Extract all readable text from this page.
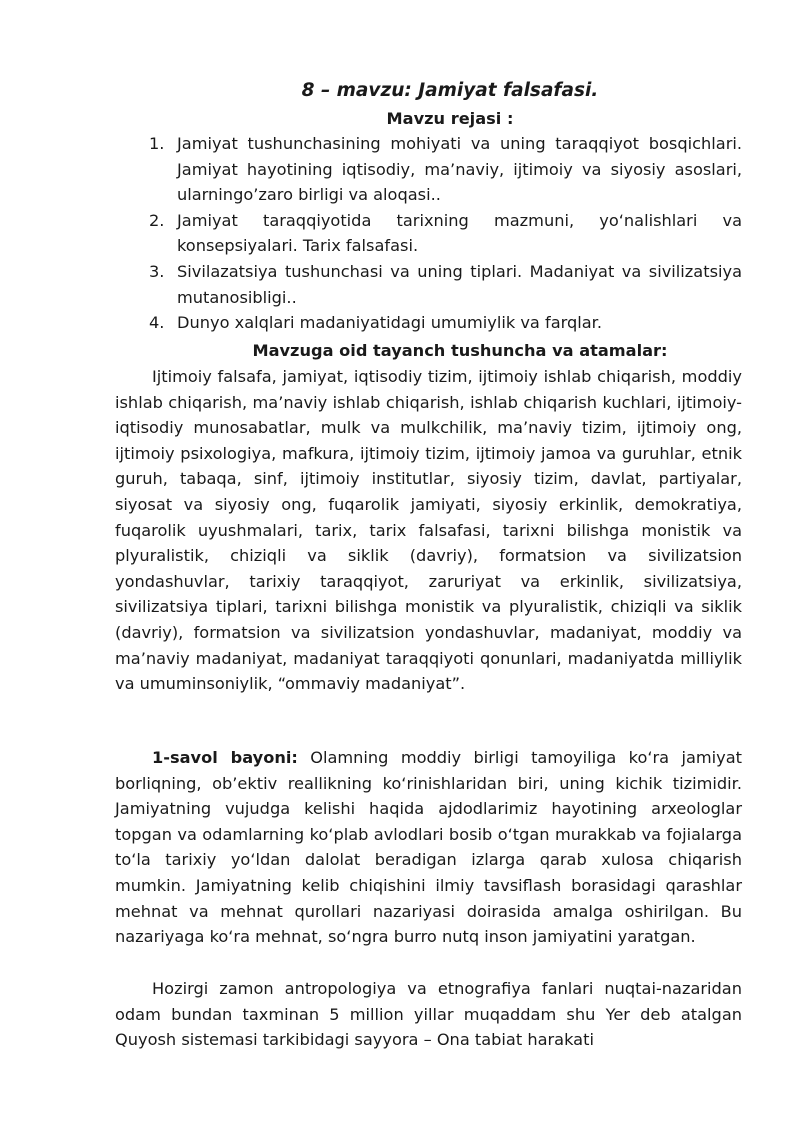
8 – mavzu: Jamiyat falsafasi.
Mavzu rejasi :
1. Jamiyat tushunchasining mohiyati va uning taraqqiyot bosqichlari. Jamiyat hayotining iqtisodiy, ma’naviy, ijtimoiy va siyosiy asoslari, ularningo’zaro birligi va aloqasi..
2. Jamiyat taraqqiyotida tarixning mazmuni, yo‘nalishlari va konsepsiyalari. Tarix falsafasi.
3. Sivilazatsiya tushunchasi va uning tiplari. Madaniyat va sivilizatsiya mutanosibligi..
4. Dunyo xalqlari madaniyatidagi umumiylik va farqlar.
Mavzuga oid tayanch tushuncha va atamalar:

Ijtimoiy falsafa, jamiyat, iqtisodiy tizim, ijtimoiy ishlab chiqarish, moddiy ishlab chiqarish, ma’naviy ishlab chiqarish, ishlab chiqarish kuchlari, ijtimoiy-iqtisodiy munosabatlar, mulk va mulkchilik, ma’naviy tizim, ijtimoiy ong, ijtimoiy psixologiya, mafkura, ijtimoiy tizim, ijtimoiy jamoa va guruhlar, etnik guruh, tabaqa, sinf, ijtimoiy institutlar, siyosiy tizim, davlat, partiyalar, siyosat va siyosiy ong, fuqarolik jamiyati, siyosiy erkinlik, demokratiya, fuqarolik uyushmalari, tarix, tarix falsafasi, tarixni bilishga monistik va plyuralistik, chiziqli va siklik (davriy), formatsion va sivilizatsion yondashuvlar, tarixiy taraqqiyot, zaruriyat va erkinlik, sivilizatsiya, sivilizatsiya tiplari, tarixni bilishga monistik va plyuralistik, chiziqli va siklik (davriy), formatsion va sivilizatsion yondashuvlar, madaniyat, moddiy va ma’naviy madaniyat, madaniyat taraqqiyoti qonunlari, madaniyatda milliylik va umuminsoniylik, “ommaviy madaniyat”.

1-savol bayoni: Olamning moddiy birligi tamoyiliga ko‘ra jamiyat borliqning, ob’ektiv reallikning ko‘rinishlaridan biri, uning kichik tizimidir. Jamiyatning vujudga kelishi haqida ajdodlarimiz hayotining arxeologlar topgan va odamlarning ko‘plab avlodlari bosib o‘tgan murakkab va fojialarga to‘la tarixiy yo‘ldan dalolat beradigan izlarga qarab xulosa chiqarish mumkin. Jamiyatning kelib chiqishini ilmiy tavsiflash borasidagi qarashlar mehnat va mehnat qurollari nazariyasi doirasida amalga oshirilgan. Bu nazariyaga ko‘ra mehnat, so‘ngra burro nutq inson jamiyatini yaratgan.

Hozirgi zamon antropologiya va etnografiya fanlari nuqtai-nazaridan odam bundan taxminan 5 million yillar muqaddam shu Yer deb atalgan Quyosh sistemasi tarkibidagi sayyora – Ona tabiat harakati
